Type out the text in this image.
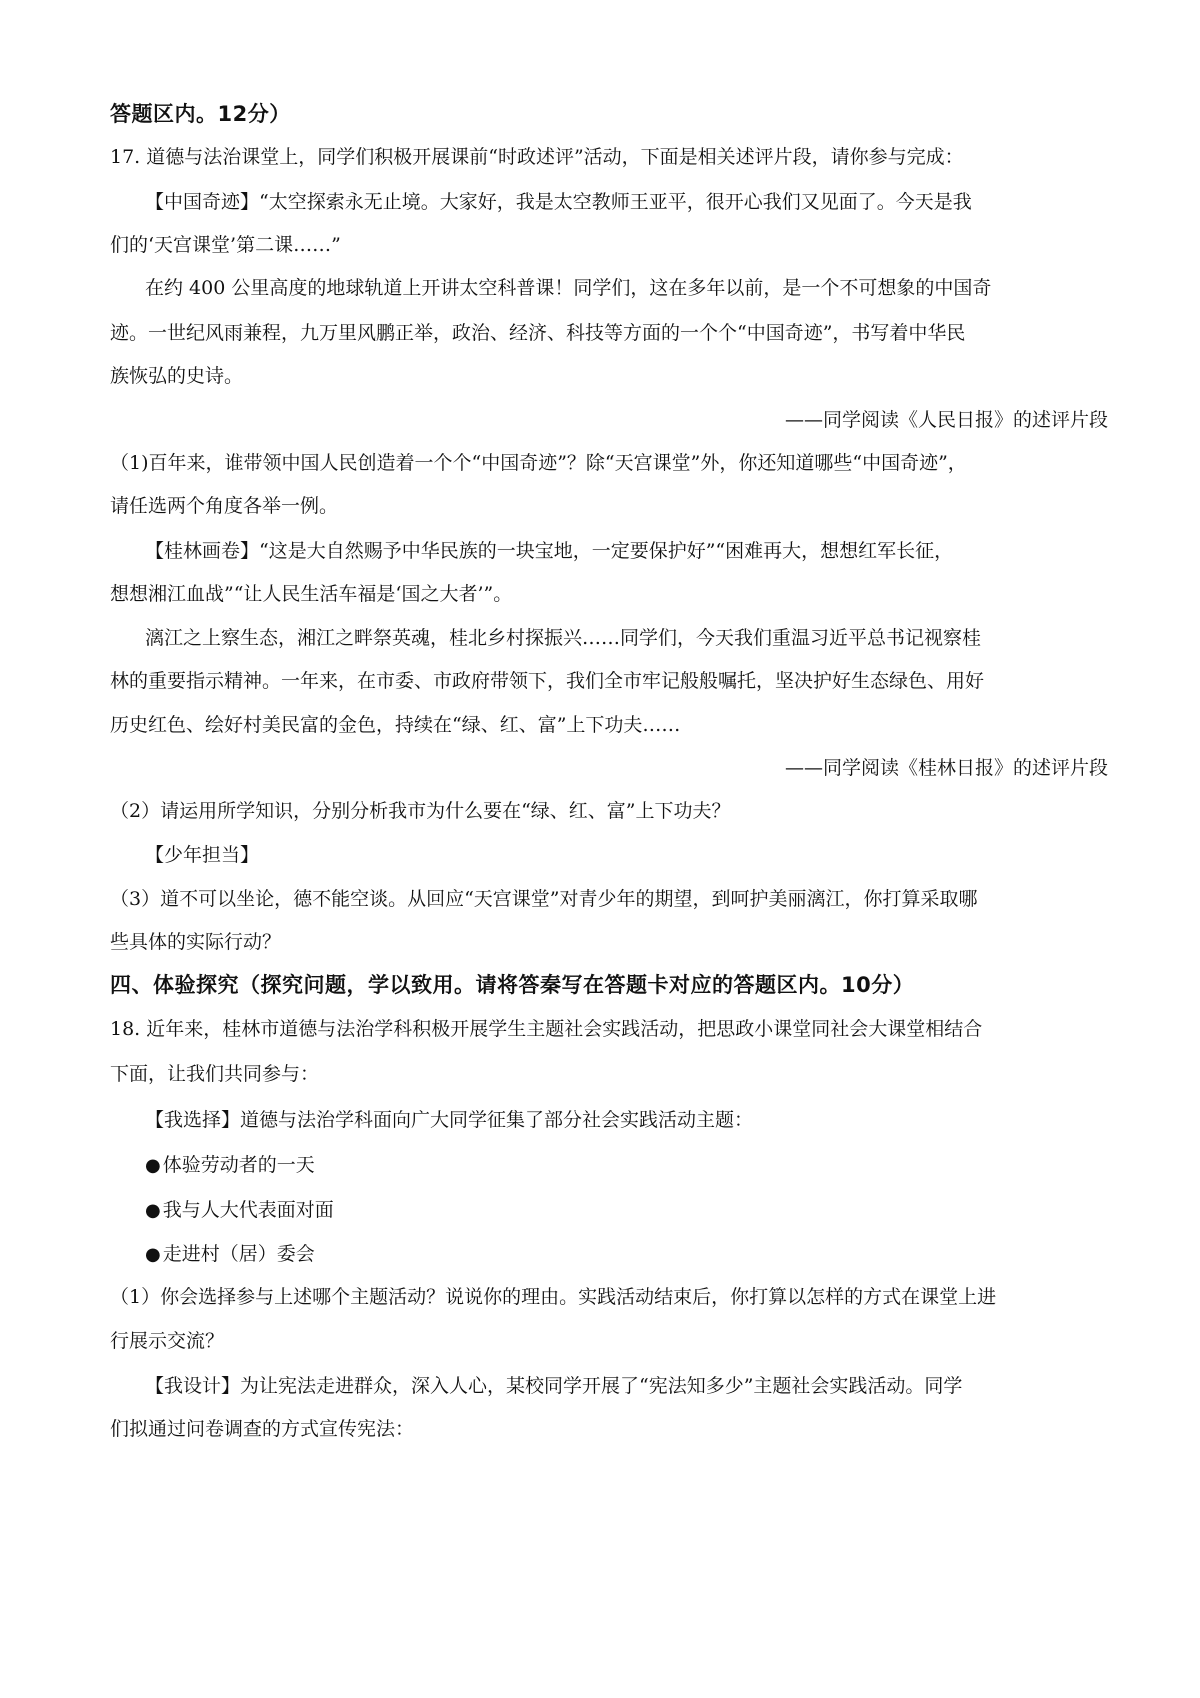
答题区内。12分）
17. 道德与法治课堂上，同学们积极开展课前“时政述评”活动，下面是相关述评片段，请你参与完成：
【中国奇迹】“太空探索永无止境。大家好，我是太空教师王亚平，很开心我们又见面了。今天是我
们的‘天宫课堂’第二课……”
在约 400 公里高度的地球轨道上开讲太空科普课！同学们，这在多年以前，是一个不可想象的中国奇
迹。一世纪风雨兼程，九万里风鹏正举，政治、经济、科技等方面的一个个“中国奇迹”，书写着中华民
族恢弘的史诗。
——同学阅读《人民日报》的述评片段
（1)百年来，谁带领中国人民创造着一个个“中国奇迹”？除“天宫课堂”外，你还知道哪些“中国奇迹”，
请任选两个角度各举一例。
【桂林画卷】“这是大自然赐予中华民族的一块宝地，一定要保护好”“困难再大，想想红军长征，
想想湘江血战”“让人民生活车福是‘国之大者’”。
漓江之上察生态，湘江之畔祭英魂，桂北乡村探振兴……同学们，今天我们重温习近平总书记视察桂
林的重要指示精神。一年来，在市委、市政府带领下，我们全市牢记般般嘱托，坚决护好生态绿色、用好
历史红色、绘好村美民富的金色，持续在“绿、红、富”上下功夫……
——同学阅读《桂林日报》的述评片段
（2）请运用所学知识，分别分析我市为什么要在“绿、红、富”上下功夫？
【少年担当】
（3）道不可以坐论，德不能空谈。从回应“天宫课堂”对青少年的期望，到呵护美丽漓江，你打算采取哪
些具体的实际行动？
四、体验探究（探究问题，学以致用。请将答秦写在答题卡对应的答题区内。10分）
18. 近年来，桂林市道德与法治学科积极开展学生主题社会实践活动，把思政小课堂同社会大课堂相结合
下面，让我们共同参与：
【我选择】道德与法治学科面向广大同学征集了部分社会实践活动主题：
● 体验劳动者的一天
● 我与人大代表面对面
● 走进村（居）委会
（1）你会选择参与上述哪个主题活动？说说你的理由。实践活动结束后，你打算以怎样的方式在课堂上进
行展示交流？
【我设计】为让宪法走进群众，深入人心，某校同学开展了“宪法知多少”主题社会实践活动。同学
们拟通过问卷调查的方式宣传宪法：
